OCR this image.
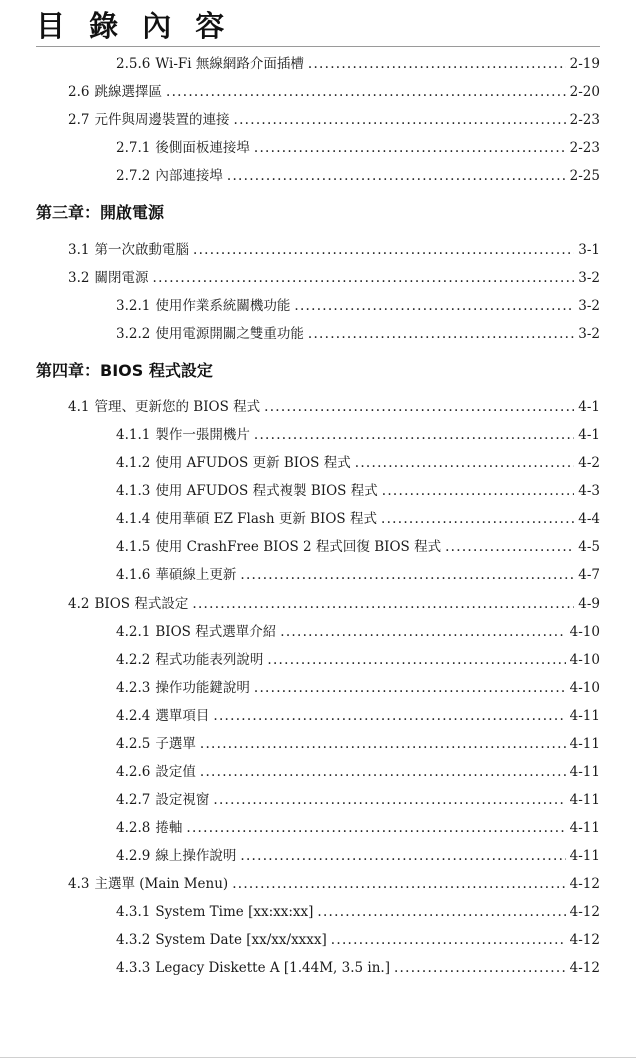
目 錄 內 容
2.5.6 Wi-Fi 無線網路介面插槽 . . .	2-19
2.6 跳線選擇區 . . .	2-20
2.7 元件與周邊裝置的連接 . . .	2-23
2.7.1 後側面板連接埠 . . .	2-23
2.7.2 內部連接埠 . . .	2-25
第三章：開啟電源
3.1 第一次啟動電腦 . . .	3-1
3.2 關閉電源 . . .	3-2
3.2.1 使用作業系統關機功能 . . .	3-2
3.2.2 使用電源開關之雙重功能 . . .	3-2
第四章：BIOS 程式設定
4.1 管理、更新您的 BIOS 程式 . . .	4-1
4.1.1 製作一張開機片 . . .	4-1
4.1.2 使用 AFUDOS 更新 BIOS 程式 . . .	4-2
4.1.3 使用 AFUDOS 程式複製 BIOS 程式 . . .	4-3
4.1.4 使用華碩 EZ Flash 更新 BIOS 程式 . . .	4-4
4.1.5 使用 CrashFree BIOS 2 程式回復 BIOS 程式 . . .	4-5
4.1.6 華碩線上更新 . . .	4-7
4.2 BIOS 程式設定 . . .	4-9
4.2.1 BIOS 程式選單介紹 . . .	4-10
4.2.2 程式功能表列說明 . . .	4-10
4.2.3 操作功能鍵說明 . . .	4-10
4.2.4 選單項目 . . .	4-11
4.2.5 子選單 . . .	4-11
4.2.6 設定值 . . .	4-11
4.2.7 設定視窗 . . .	4-11
4.2.8 捲軸 . . .	4-11
4.2.9 線上操作說明 . . .	4-11
4.3 主選單 (Main Menu) . . .	4-12
4.3.1 System Time [xx:xx:xx] . . .	4-12
4.3.2 System Date [xx/xx/xxxx] . . .	4-12
4.3.3 Legacy Diskette A [1.44M, 3.5 in.] . . .	4-12
